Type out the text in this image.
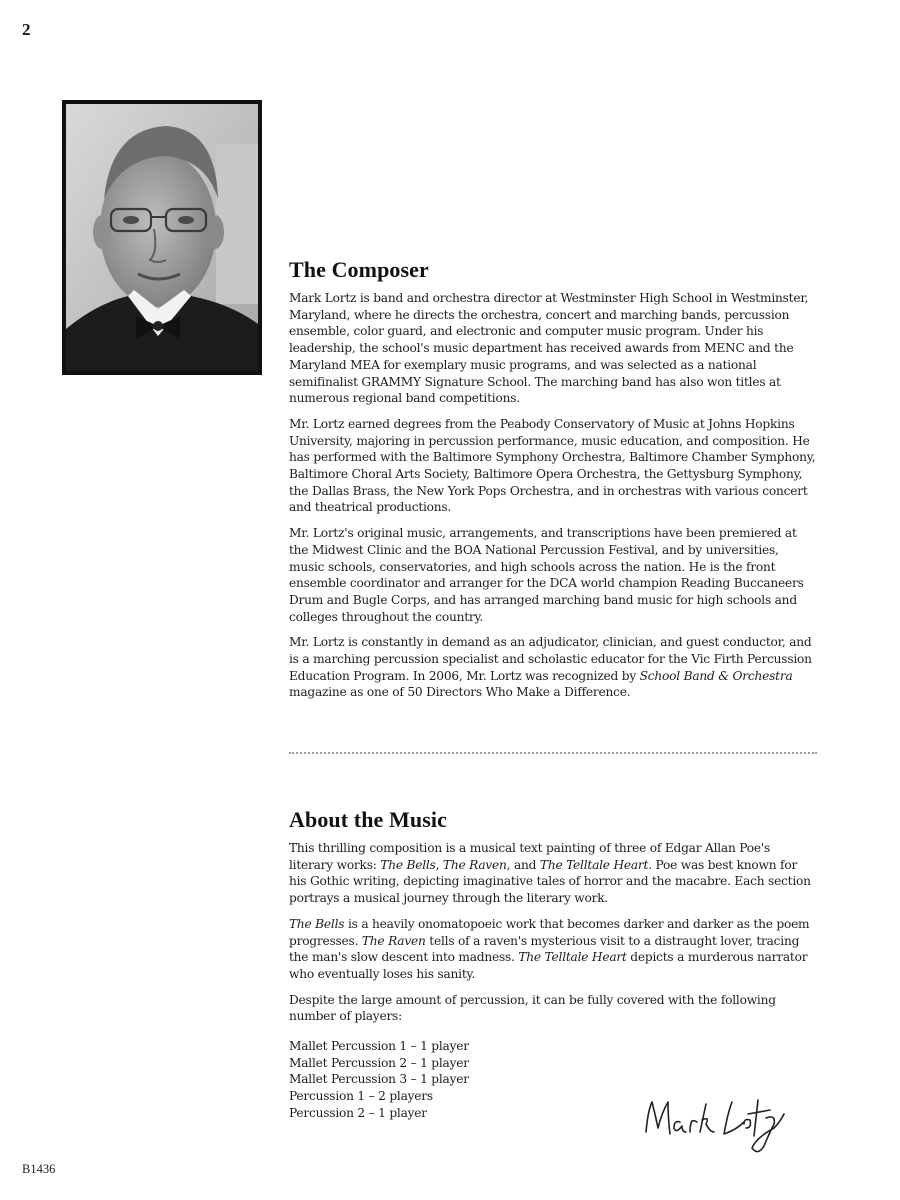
2
The Composer

Mark Lortz is band and orchestra director at Westminster High School in Westminster, Maryland, where he directs the orchestra, concert and marching bands, percussion ensemble, color guard, and electronic and computer music program. Under his leadership, the school's music department has received awards from MENC and the Maryland MEA for exemplary music programs, and was selected as a national semifinalist GRAMMY Signature School. The marching band has also won titles at numerous regional band competitions.

Mr. Lortz earned degrees from the Peabody Conservatory of Music at Johns Hopkins University, majoring in percussion performance, music education, and composition. He has performed with the Baltimore Symphony Orchestra, Baltimore Chamber Symphony, Baltimore Choral Arts Society, Baltimore Opera Orchestra, the Gettysburg Symphony, the Dallas Brass, the New York Pops Orchestra, and in orchestras with various concert and theatrical productions.

Mr. Lortz's original music, arrangements, and transcriptions have been premiered at the Midwest Clinic and the BOA National Percussion Festival, and by universities, music schools, conservatories, and high schools across the nation. He is the front ensemble coordinator and arranger for the DCA world champion Reading Buccaneers Drum and Bugle Corps, and has arranged marching band music for high schools and colleges throughout the country.

Mr. Lortz is constantly in demand as an adjudicator, clinician, and guest conductor, and is a marching percussion specialist and scholastic educator for the Vic Firth Percussion Education Program. In 2006, Mr. Lortz was recognized by School Band & Orchestra magazine as one of 50 Directors Who Make a Difference.

About the Music

This thrilling composition is a musical text painting of three of Edgar Allan Poe's literary works: The Bells, The Raven, and The Telltale Heart. Poe was best known for his Gothic writing, depicting imaginative tales of horror and the macabre. Each section portrays a musical journey through the literary work.

The Bells is a heavily onomatopoeic work that becomes darker and darker as the poem progresses. The Raven tells of a raven's mysterious visit to a distraught lover, tracing the man's slow descent into madness. The Telltale Heart depicts a murderous narrator who eventually loses his sanity.

Despite the large amount of percussion, it can be fully covered with the following number of players:

Mallet Percussion 1 – 1 player
Mallet Percussion 2 – 1 player
Mallet Percussion 3 – 1 player
Percussion 1 – 2 players
Percussion 2 – 1 player
B1436
